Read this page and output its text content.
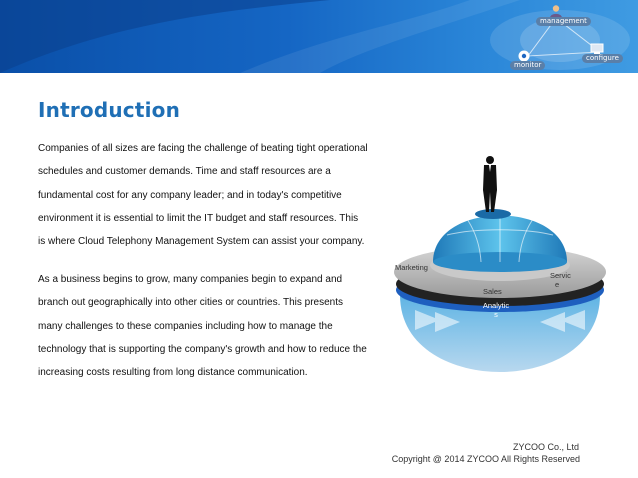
management
monitor
configure
Introduction

Companies of all sizes are facing the challenge of beating tight operational schedules and customer demands. Time and staff resources are a fundamental cost for any company leader; and in today's competitive environment it is essential to limit the IT budget and staff resources. This is where Cloud Telephony Management System can assist your company.

As a business begins to grow, many companies begin to expand and branch out geographically into other cities or countries. This presents many challenges to these companies including how to manage the technology that is supporting the company's growth and how to reduce the increasing costs resulting from long distance communication.

Marketing
Sales
Servic
e
Analytic
s
ZYCOO Co., Ltd
Copyright @ 2014 ZYCOO All Rights Reserved
